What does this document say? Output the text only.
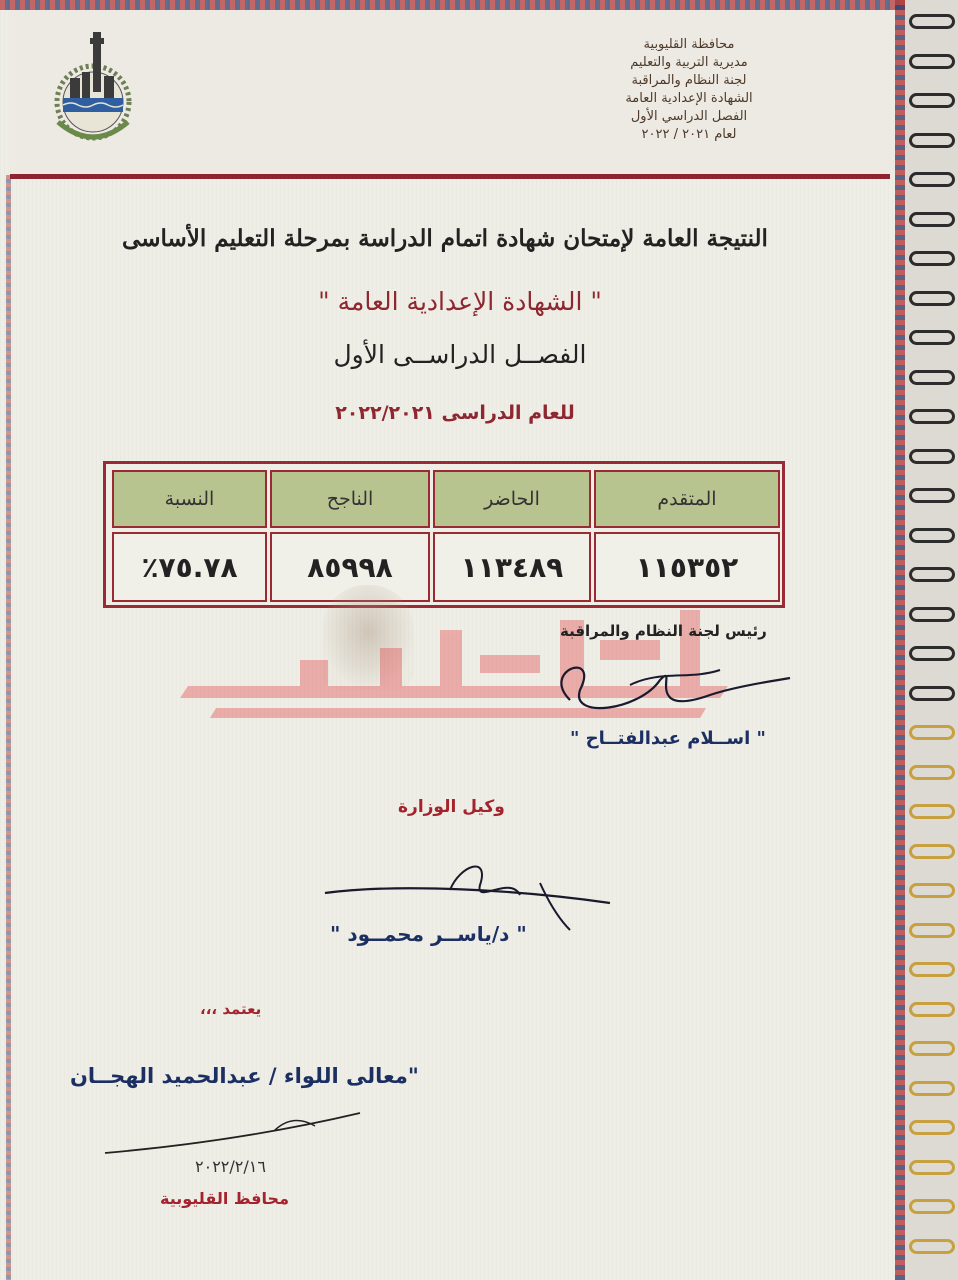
محافظة القليوبية
مديرية التربية والتعليم
لجنة النظام والمراقبة
الشهادة الإعدادية العامة
الفصل الدراسي الأول
لعام ٢٠٢١ / ٢٠٢٢
النتيجة العامة لإمتحان شهادة اتمام الدراسة بمرحلة التعليم الأساسى
" الشهادة الإعدادية العامة "
الفصــل الدراســى الأول
للعام الدراسى ٢٠٢٢/٢٠٢١
المتقدم
الحاضر
الناجح
النسبة
١١٥٣٥٢
١١٣٤٨٩
٨٥٩٩٨
٧٥.٧٨٪
رئيس لجنة النظام والمراقبة
" اســلام عبدالفتــاح "
وكيل الوزارة
" د/ياســر محمــود "
يعتمد ،،،
"معالى اللواء / عبدالحميد الهجــان
٢٠٢٢/٢/١٦
محافظ القليوبية
